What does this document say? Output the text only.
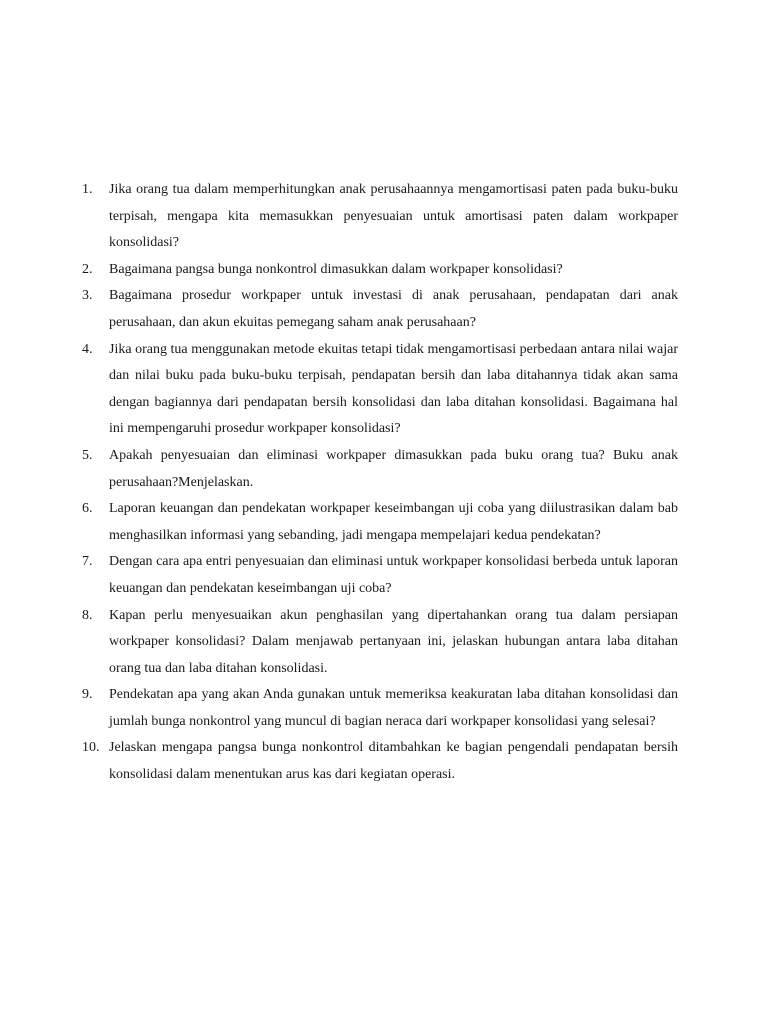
1. Jika orang tua dalam memperhitungkan anak perusahaannya mengamortisasi paten pada buku-buku terpisah, mengapa kita memasukkan penyesuaian untuk amortisasi paten dalam workpaper konsolidasi?
2. Bagaimana pangsa bunga nonkontrol dimasukkan dalam workpaper konsolidasi?
3. Bagaimana prosedur workpaper untuk investasi di anak perusahaan, pendapatan dari anak perusahaan, dan akun ekuitas pemegang saham anak perusahaan?
4. Jika orang tua menggunakan metode ekuitas tetapi tidak mengamortisasi perbedaan antara nilai wajar dan nilai buku pada buku-buku terpisah, pendapatan bersih dan laba ditahannya tidak akan sama dengan bagiannya dari pendapatan bersih konsolidasi dan laba ditahan konsolidasi. Bagaimana hal ini mempengaruhi prosedur workpaper konsolidasi?
5. Apakah penyesuaian dan eliminasi workpaper dimasukkan pada buku orang tua? Buku anak perusahaan?Menjelaskan.
6. Laporan keuangan dan pendekatan workpaper keseimbangan uji coba yang diilustrasikan dalam bab menghasilkan informasi yang sebanding, jadi mengapa mempelajari kedua pendekatan?
7. Dengan cara apa entri penyesuaian dan eliminasi untuk workpaper konsolidasi berbeda untuk laporan keuangan dan pendekatan keseimbangan uji coba?
8. Kapan perlu menyesuaikan akun penghasilan yang dipertahankan orang tua dalam persiapan workpaper konsolidasi? Dalam menjawab pertanyaan ini, jelaskan hubungan antara laba ditahan orang tua dan laba ditahan konsolidasi.
9. Pendekatan apa yang akan Anda gunakan untuk memeriksa keakuratan laba ditahan konsolidasi dan jumlah bunga nonkontrol yang muncul di bagian neraca dari workpaper konsolidasi yang selesai?
10. Jelaskan mengapa pangsa bunga nonkontrol ditambahkan ke bagian pengendali pendapatan bersih konsolidasi dalam menentukan arus kas dari kegiatan operasi.
